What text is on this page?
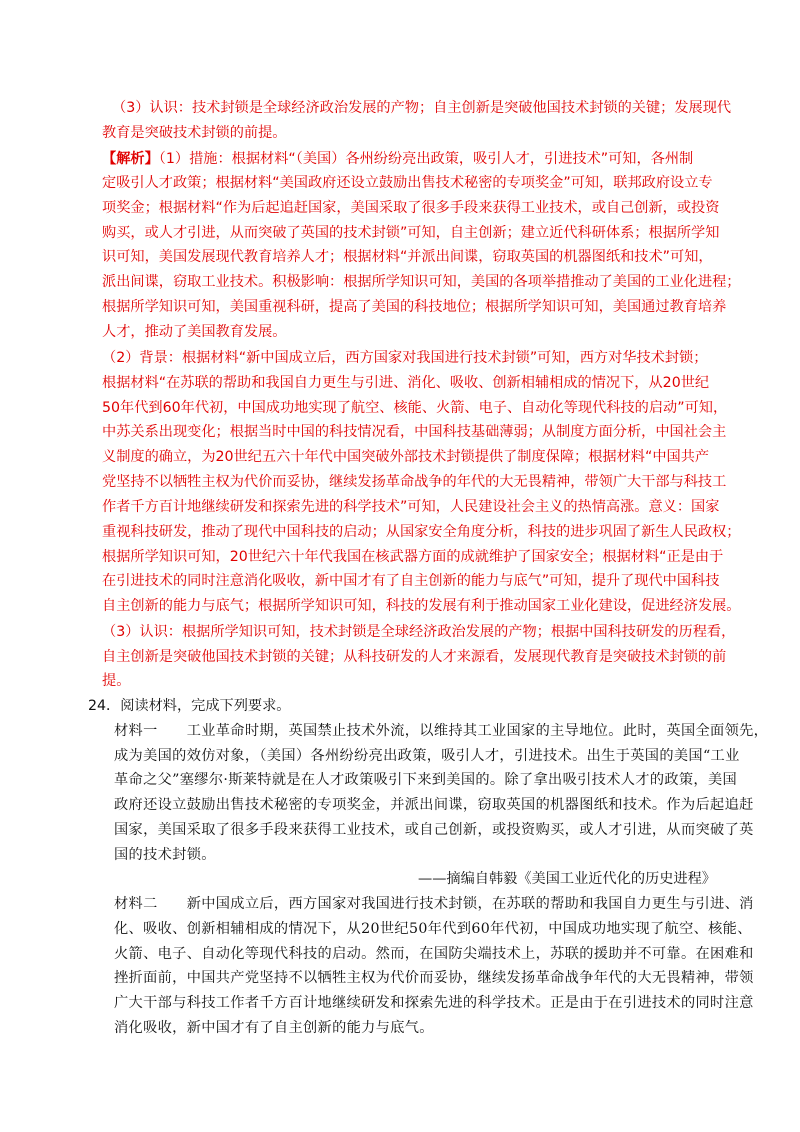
（3）认识：技术封锁是全球经济政治发展的产物；自主创新是突破他国技术封锁的关键；发展现代
教育是突破技术封锁的前提。
【解析】（1）措施：根据材料“（美国）各州纷纷亮出政策，吸引人才，引进技术”可知，各州制
定吸引人才政策；根据材料“美国政府还设立鼓励出售技术秘密的专项奖金”可知，联邦政府设立专
项奖金；根据材料“作为后起追赶国家，美国采取了很多手段来获得工业技术，或自己创新，或投资
购买，或人才引进，从而突破了英国的技术封锁”可知，自主创新；建立近代科研体系；根据所学知
识可知，美国发展现代教育培养人才；根据材料“并派出间谍，窃取英国的机器图纸和技术”可知，
派出间谍，窃取工业技术。积极影响：根据所学知识可知，美国的各项举措推动了美国的工业化进程；
根据所学知识可知，美国重视科研，提高了美国的科技地位；根据所学知识可知，美国通过教育培养
人才，推动了美国教育发展。
（2）背景：根据材料“新中国成立后，西方国家对我国进行技术封锁”可知，西方对华技术封锁；
根据材料“在苏联的帮助和我国自力更生与引进、消化、吸收、创新相辅相成的情况下，从20世纪
50年代到60年代初，中国成功地实现了航空、核能、火箭、电子、自动化等现代科技的启动”可知，
中苏关系出现变化；根据当时中国的科技情况看，中国科技基础薄弱；从制度方面分析，中国社会主
义制度的确立，为20世纪五六十年代中国突破外部技术封锁提供了制度保障；根据材料“中国共产
党坚持不以牺牲主权为代价而妥协，继续发扬革命战争的年代的大无畏精神，带领广大干部与科技工
作者千方百计地继续研发和探索先进的科学技术”可知，人民建设社会主义的热情高涨。意义：国家
重视科技研发，推动了现代中国科技的启动；从国家安全角度分析，科技的进步巩固了新生人民政权；
根据所学知识可知，20世纪六十年代我国在核武器方面的成就维护了国家安全；根据材料“正是由于
在引进技术的同时注意消化吸收，新中国才有了自主创新的能力与底气”可知，提升了现代中国科技
自主创新的能力与底气；根据所学知识可知，科技的发展有利于推动国家工业化建设，促进经济发展。
（3）认识：根据所学知识可知，技术封锁是全球经济政治发展的产物；根据中国科技研发的历程看，
自主创新是突破他国技术封锁的关键；从科技研发的人才来源看，发展现代教育是突破技术封锁的前
提。
24．阅读材料，完成下列要求。
材料一　　工业革命时期，英国禁止技术外流，以维持其工业国家的主导地位。此时，英国全面领先，
成为美国的效仿对象，（美国）各州纷纷亮出政策，吸引人才，引进技术。出生于英国的美国“工业
革命之父”塞缪尔·斯莱特就是在人才政策吸引下来到美国的。除了拿出吸引技术人才的政策，美国
政府还设立鼓励出售技术秘密的专项奖金，并派出间谍，窃取英国的机器图纸和技术。作为后起追赶
国家，美国采取了很多手段来获得工业技术，或自己创新，或投资购买，或人才引进，从而突破了英
国的技术封锁。
——摘编自韩毅《美国工业近代化的历史进程》
材料二　　新中国成立后，西方国家对我国进行技术封锁，在苏联的帮助和我国自力更生与引进、消
化、吸收、创新相辅相成的情况下，从20世纪50年代到60年代初，中国成功地实现了航空、核能、
火箭、电子、自动化等现代科技的启动。然而，在国防尖端技术上，苏联的援助并不可靠。在困难和
挫折面前，中国共产党坚持不以牺牲主权为代价而妥协，继续发扬革命战争年代的大无畏精神，带领
广大干部与科技工作者千方百计地继续研发和探索先进的科学技术。正是由于在引进技术的同时注意
消化吸收，新中国才有了自主创新的能力与底气。
